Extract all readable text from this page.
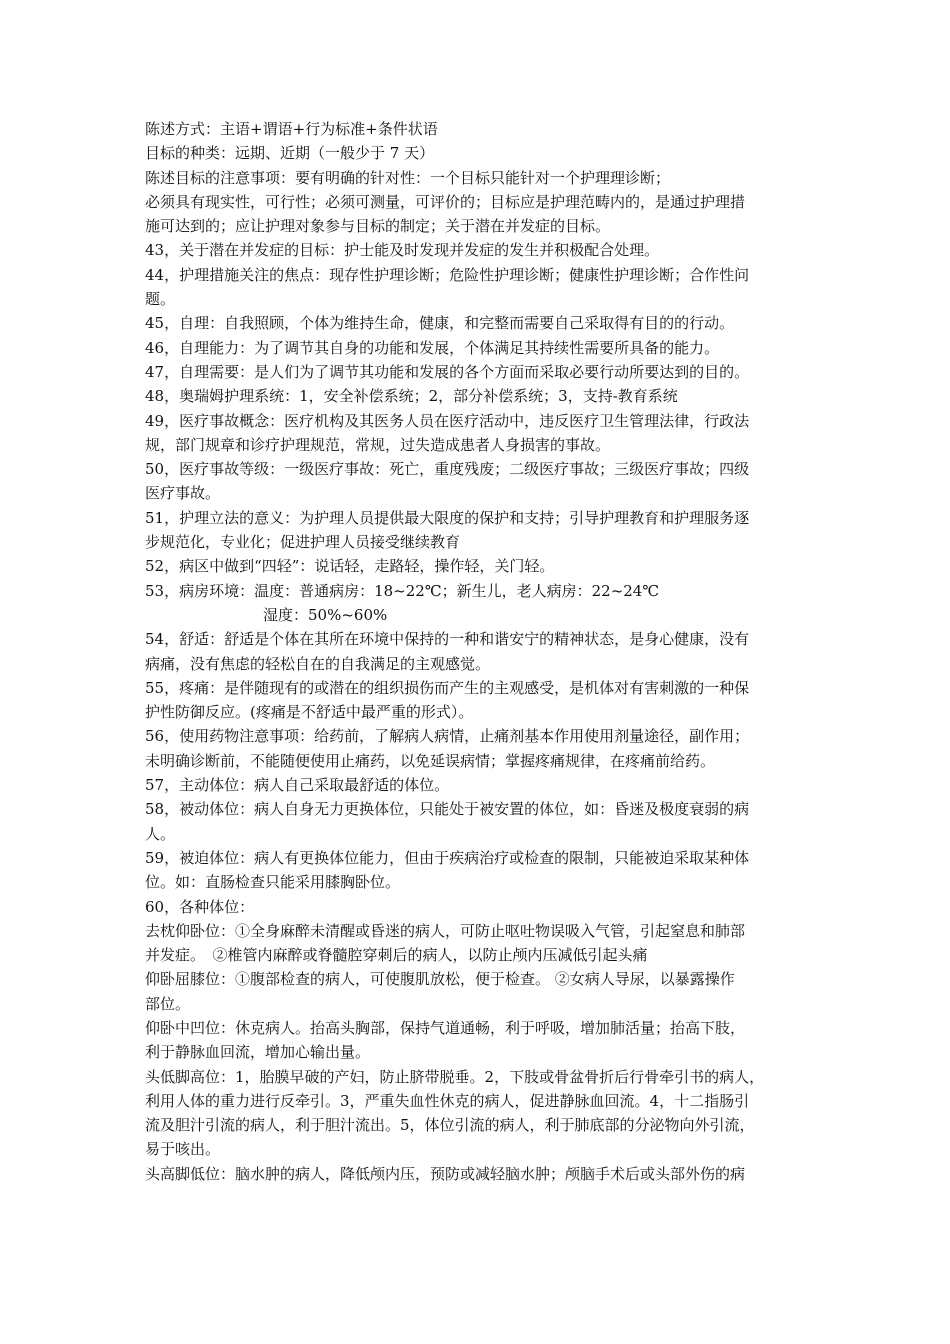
陈述方式：主语+谓语+行为标准+条件状语
目标的种类：远期、近期（一般少于 7 天）
陈述目标的注意事项：要有明确的针对性：一个目标只能针对一个护理理诊断；
必须具有现实性，可行性；必须可测量，可评价的；目标应是护理范畴内的，是通过护理措
施可达到的；应让护理对象参与目标的制定；关于潜在并发症的目标。
43，关于潜在并发症的目标：护士能及时发现并发症的发生并积极配合处理。
44，护理措施关注的焦点：现存性护理诊断；危险性护理诊断；健康性护理诊断；合作性问
题。
45，自理：自我照顾，个体为维持生命，健康，和完整而需要自己采取得有目的的行动。
46，自理能力：为了调节其自身的功能和发展，个体满足其持续性需要所具备的能力。
47，自理需要：是人们为了调节其功能和发展的各个方面而采取必要行动所要达到的目的。
48，奥瑞姆护理系统：1，安全补偿系统；2，部分补偿系统；3，支持-教育系统
49，医疗事故概念：医疗机构及其医务人员在医疗活动中，违反医疗卫生管理法律，行政法
规，部门规章和诊疗护理规范，常规，过失造成患者人身损害的事故。
50，医疗事故等级：一级医疗事故：死亡，重度残废；二级医疗事故；三级医疗事故；四级
医疗事故。
51，护理立法的意义：为护理人员提供最大限度的保护和支持；引导护理教育和护理服务逐
步规范化，专业化；促进护理人员接受继续教育
52，病区中做到“四轻”：说话轻，走路轻，操作轻，关门轻。
53，病房环境：温度：普通病房：18~22℃；新生儿，老人病房：22~24℃
湿度：50%~60%
54，舒适：舒适是个体在其所在环境中保持的一种和谐安宁的精神状态，是身心健康，没有
病痛，没有焦虑的轻松自在的自我满足的主观感觉。
55，疼痛：是伴随现有的或潜在的组织损伤而产生的主观感受，是机体对有害刺激的一种保
护性防御反应。(疼痛是不舒适中最严重的形式）。
56，使用药物注意事项：给药前，了解病人病情，止痛剂基本作用使用剂量途径，副作用；
未明确诊断前，不能随便使用止痛药，以免延误病情；掌握疼痛规律，在疼痛前给药。
57，主动体位：病人自己采取最舒适的体位。
58，被动体位：病人自身无力更换体位，只能处于被安置的体位，如：昏迷及极度衰弱的病
人。
59，被迫体位：病人有更换体位能力，但由于疾病治疗或检查的限制，只能被迫采取某种体
位。如：直肠检查只能采用膝胸卧位。
60，各种体位：
去枕仰卧位：①全身麻醉未清醒或昏迷的病人，可防止呕吐物误吸入气管，引起窒息和肺部
并发症。　②椎管内麻醉或脊髓腔穿刺后的病人，以防止颅内压减低引起头痛
仰卧屈膝位：①腹部检查的病人，可使腹肌放松，便于检查。 ②女病人导尿，以暴露操作
部位。
仰卧中凹位：休克病人。抬高头胸部，保持气道通畅，利于呼吸，增加肺活量；抬高下肢，
利于静脉血回流，增加心输出量。
头低脚高位：1，胎膜早破的产妇，防止脐带脱垂。2，下肢或骨盆骨折后行骨牵引书的病人，
利用人体的重力进行反牵引。3，严重失血性休克的病人，促进静脉血回流。4，十二指肠引
流及胆汁引流的病人，利于胆汁流出。5，体位引流的病人，利于肺底部的分泌物向外引流，
易于咳出。
头高脚低位：脑水肿的病人，降低颅内压，预防或减轻脑水肿；颅脑手术后或头部外伤的病
